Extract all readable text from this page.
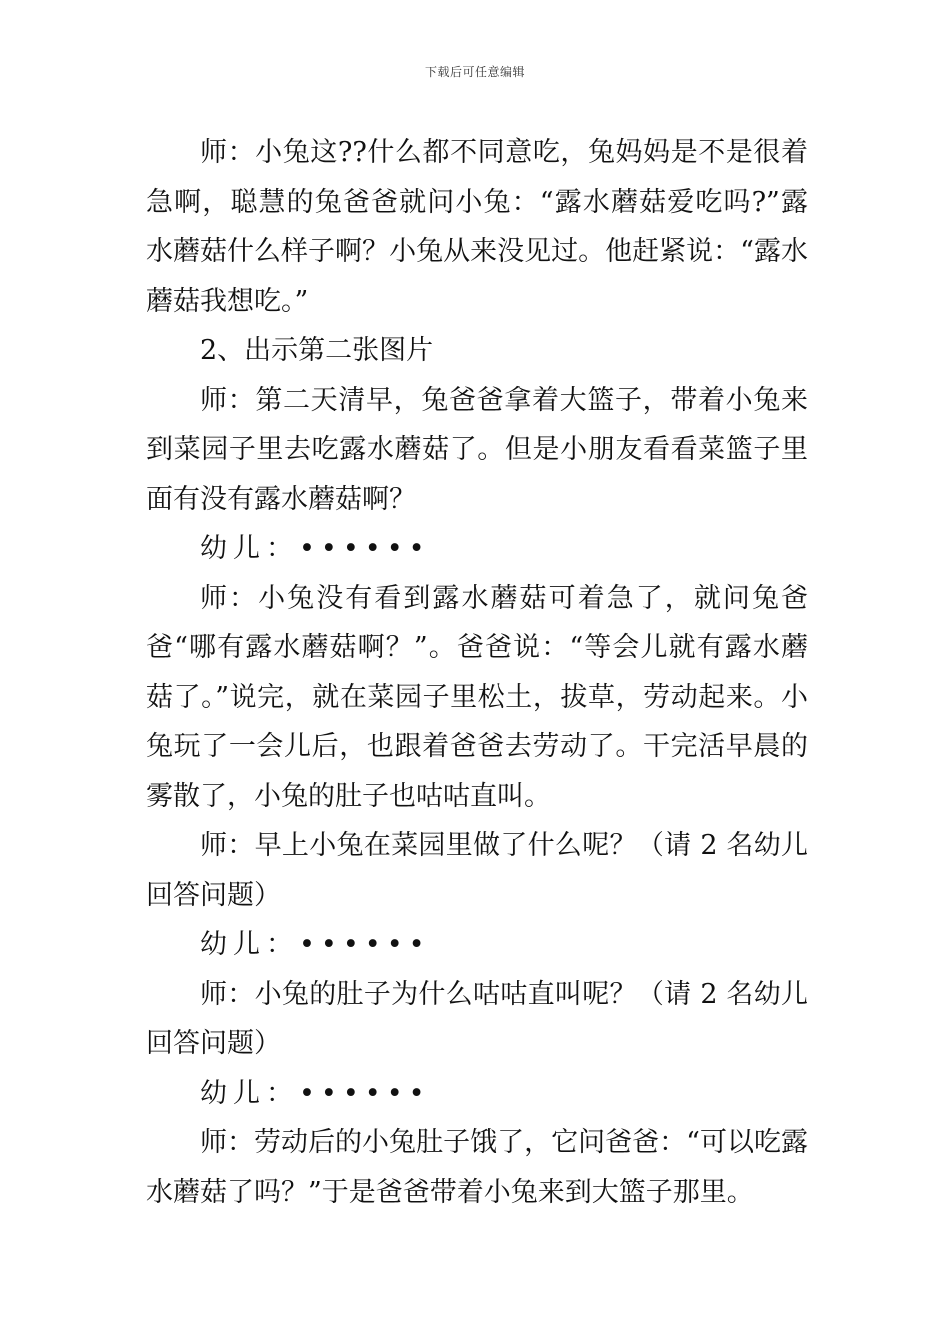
下载后可任意编辑

师：小兔这??什么都不同意吃，兔妈妈是不是很着急啊，聪慧的兔爸爸就问小兔：“露水蘑菇爱吃吗?”露水蘑菇什么样子啊？小兔从来没见过。他赶紧说：“露水蘑菇我想吃。”

2、出示第二张图片

师：第二天清早，兔爸爸拿着大篮子，带着小兔来到菜园子里去吃露水蘑菇了。但是小朋友看看菜篮子里面有没有露水蘑菇啊？

幼儿：••••••

师：小兔没有看到露水蘑菇可着急了，就问兔爸爸“哪有露水蘑菇啊？”。爸爸说：“等会儿就有露水蘑菇了。”说完，就在菜园子里松土，拔草，劳动起来。小兔玩了一会儿后，也跟着爸爸去劳动了。干完活早晨的雾散了，小兔的肚子也咕咕直叫。

师：早上小兔在菜园里做了什么呢？（请 2 名幼儿回答问题）

幼儿：••••••

师：小兔的肚子为什么咕咕直叫呢？（请 2 名幼儿回答问题）

幼儿：••••••

师：劳动后的小兔肚子饿了，它问爸爸：“可以吃露水蘑菇了吗？”于是爸爸带着小兔来到大篮子那里。
